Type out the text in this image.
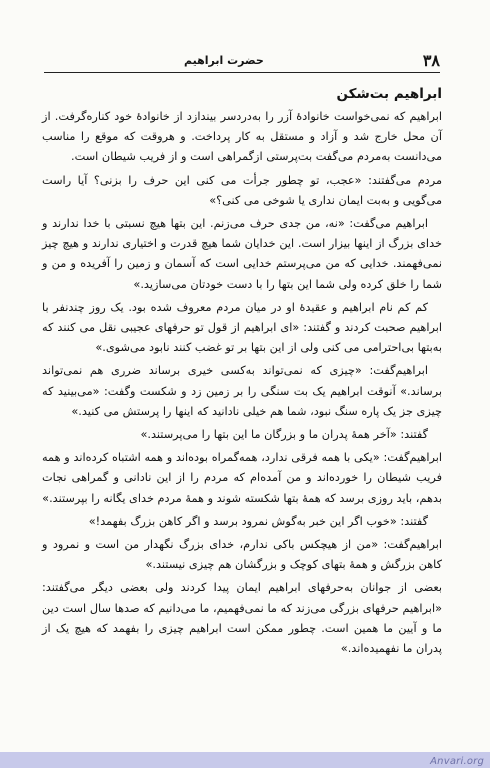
۳۸
حضرت ابراهیم
ابراهیم بت‌شکن

ابراهیم که نمی‌خواست خانوادهٔ آزر را به‌دردسر بیندازد از خانوادهٔ خود کناره‌گرفت. از آن محل خارج شد و آزاد و مستقل به کار پرداخت. و هروقت که موقع را مناسب می‌دانست به‌مردم می‌گفت بت‌پرستی ازگمراهی است و از فریب شیطان است.

مردم می‌گفتند: «عجب، تو چطور جرأت می کنی این حرف را بزنی؟ آیا راست می‌گویی و به‌بت ایمان نداری یا شوخی می کنی؟»

ابراهیم می‌گفت: «نه، من جدی حرف می‌زنم. این بتها هیچ نسبتی با خدا ندارند و خدای بزرگ از اینها بیزار است. این خدایان شما هیچ قدرت و اختیاری ندارند و هیچ چیز نمی‌فهمند. خدایی که من می‌پرستم خدایی است که آسمان و زمین را آفریده و من و شما را خلق کرده ولی شما این بتها را با دست خودتان می‌سازید.»

کم کم نام ابراهیم و عقیدهٔ او در میان مردم معروف شده بود. یک روز چندنفر با ابراهیم صحبت کردند و گفتند: «ای ابراهیم از قول تو حرفهای عجیبی نقل می کنند که به‌بتها بی‌احترامی می کنی ولی از این بتها بر تو غضب کنند نابود می‌شوی.»

ابراهیم‌گفت: «چیزی که نمی‌تواند به‌کسی خیری برساند ضرری هم نمی‌تواند برساند.» آنوقت ابراهیم یک بت سنگی را بر زمین زد و شکست وگفت: «می‌بینید که چیزی جز یک پاره سنگ نبود، شما هم خیلی نادانید که اینها را پرستش می کنید.»

گفتند: «آخر همهٔ پدران ما و بزرگان ما این بتها را می‌پرستند.»

ابراهیم‌گفت: «یکی با همه فرقی ندارد، همه‌گمراه بوده‌اند و همه اشتباه کرده‌اند و همه فریب شیطان را خورده‌اند و من آمده‌ام که مردم را از این نادانی و گمراهی نجات بدهم، باید روزی برسد که همهٔ بتها شکسته شوند و همهٔ مردم خدای یگانه را بپرستند.»

گفتند: «خوب اگر این خبر به‌گوش نمرود برسد و اگر کاهن بزرگ بفهمد!»

ابراهیم‌گفت: «من از هیچکس باکی ندارم، خدای بزرگ نگهدار من است و نمرود و کاهن بزرگش و همهٔ بتهای کوچک و بزرگشان هم چیزی نیستند.»

بعضی از جوانان به‌حرفهای ابراهیم ایمان پیدا کردند ولی بعضی دیگر می‌گفتند: «ابراهیم حرفهای بزرگی می‌زند که ما نمی‌فهمیم، ما می‌دانیم که صدها سال است دین ما و آیین ما همین است. چطور ممکن است ابراهیم چیزی را بفهمد که هیچ یک از پدران ما نفهمیده‌اند.»

Anvari.org
